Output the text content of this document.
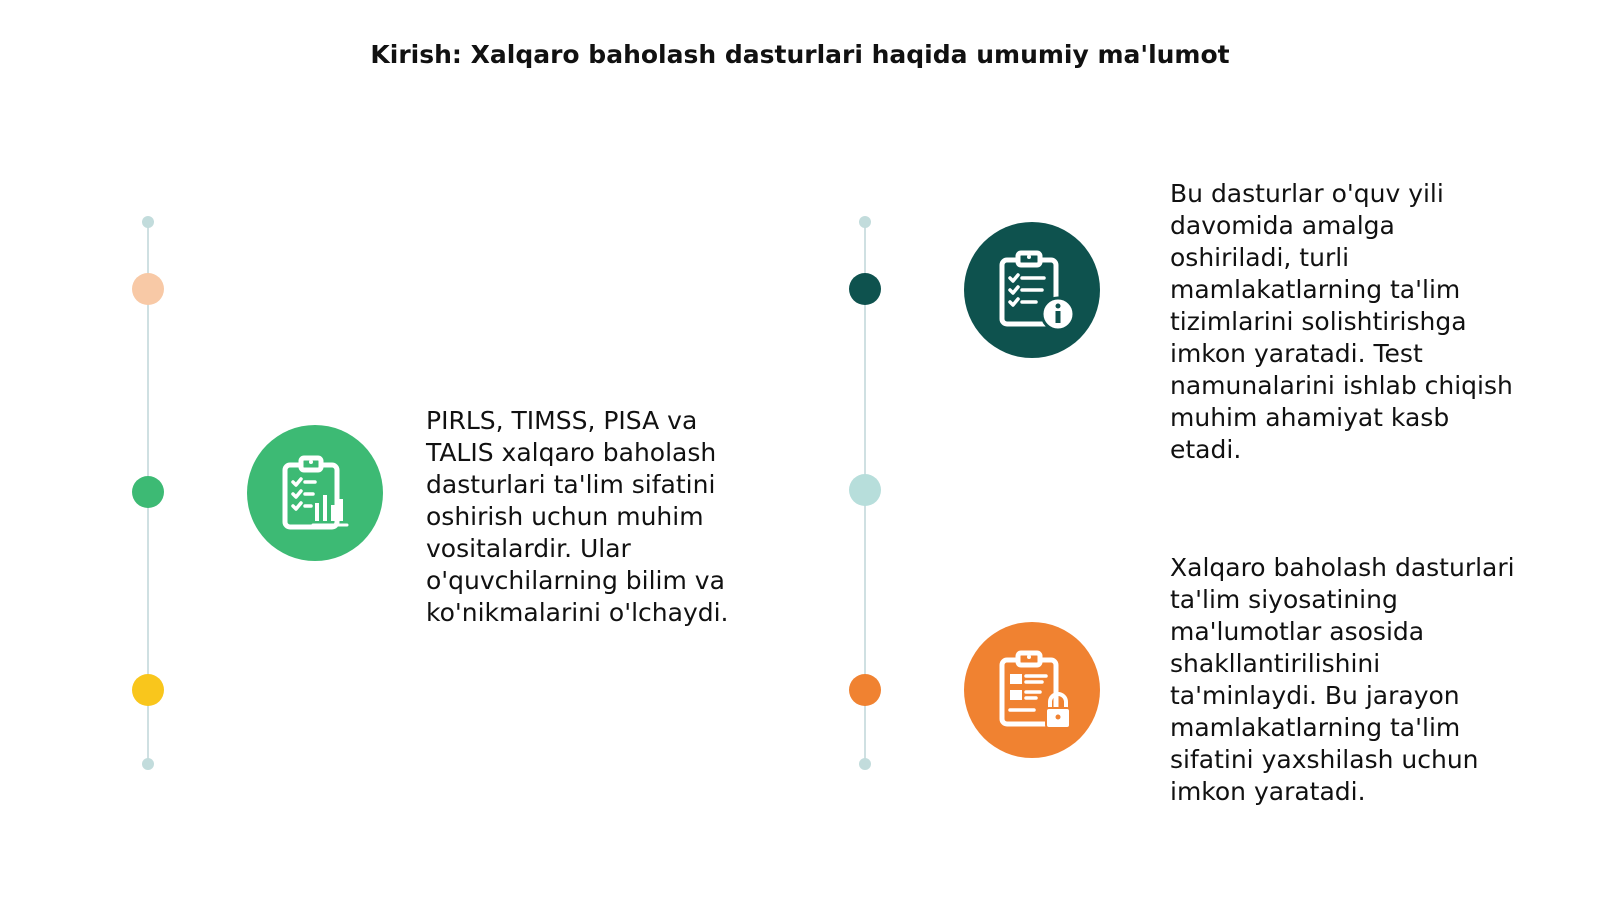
Kirish: Xalqaro baholash dasturlari haqida umumiy ma'lumot
PIRLS, TIMSS, PISA va
TALIS xalqaro baholash
dasturlari ta'lim sifatini
oshirish uchun muhim
vositalardir. Ular
o'quvchilarning bilim va
ko'nikmalarini o'lchaydi.
Bu dasturlar o'quv yili
davomida amalga
oshiriladi, turli
mamlakatlarning ta'lim
tizimlarini solishtirishga
imkon yaratadi. Test
namunalarini ishlab chiqish
muhim ahamiyat kasb
etadi.
Xalqaro baholash dasturlari
ta'lim siyosatining
ma'lumotlar asosida
shakllantirilishini
ta'minlaydi. Bu jarayon
mamlakatlarning ta'lim
sifatini yaxshilash uchun
imkon yaratadi.
